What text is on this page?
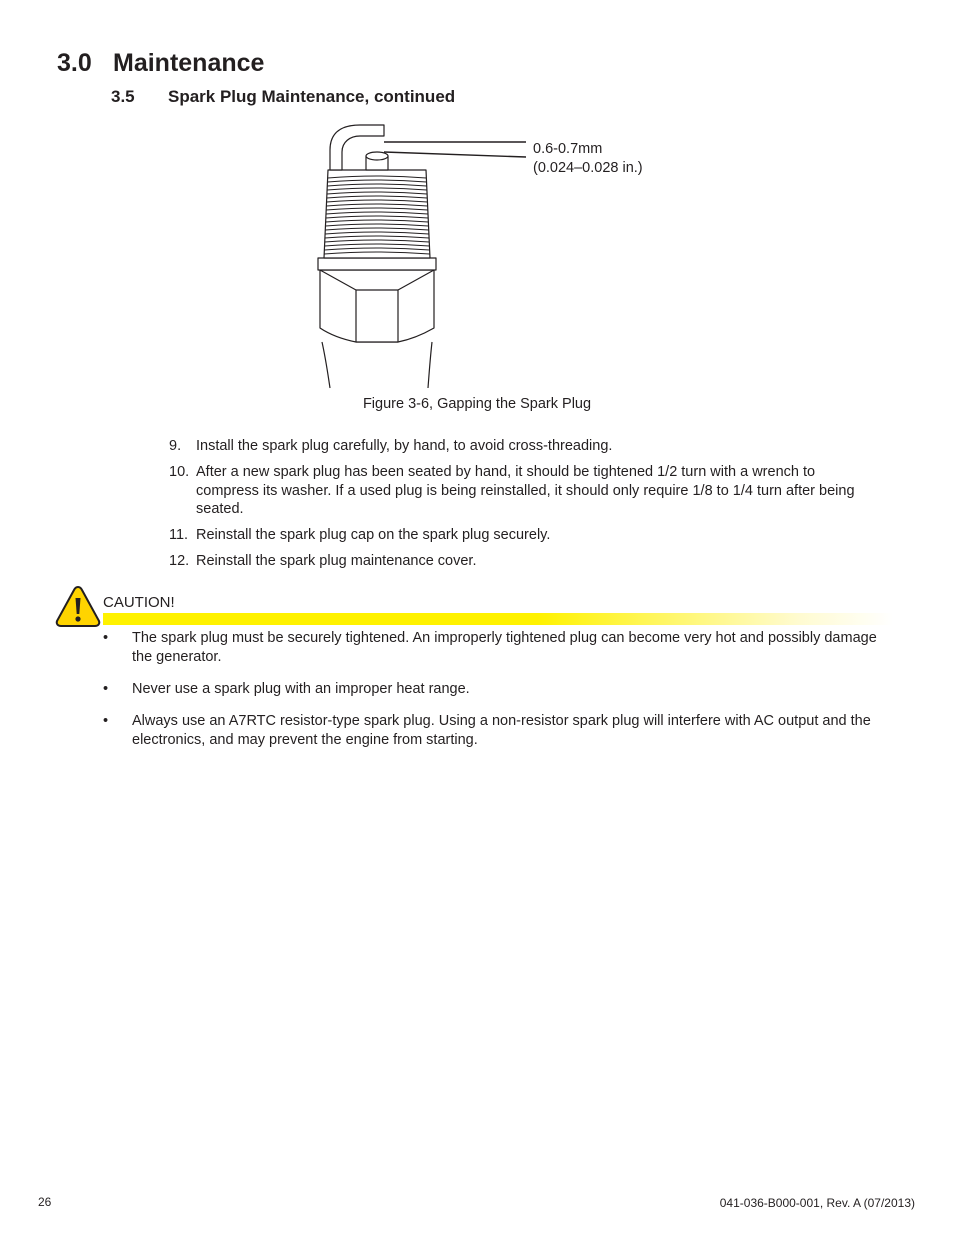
3.0 Maintenance
3.5 Spark Plug Maintenance, continued
0.6-0.7mm
(0.024–0.028 in.)
Figure 3-6, Gapping the Spark Plug
9.	Install the spark plug carefully, by hand, to avoid cross-threading.
10. After a new spark plug has been seated by hand, it should be tightened 1/2 turn with a wrench to compress its washer. If a used plug is being reinstalled, it should only require 1/8 to 1/4 turn after being seated.
11. Reinstall the spark plug cap on the spark plug securely.
12. Reinstall the spark plug maintenance cover.
CAUTION!
•	The spark plug must be securely tightened. An improperly tightened plug can become very hot and possibly damage the generator.
•	Never use a spark plug with an improper heat range.
•	Always use an A7RTC resistor-type spark plug. Using a non-resistor spark plug will interfere with AC output and the electronics, and may prevent the engine from starting.
26	041-036-B000-001, Rev. A (07/2013)
